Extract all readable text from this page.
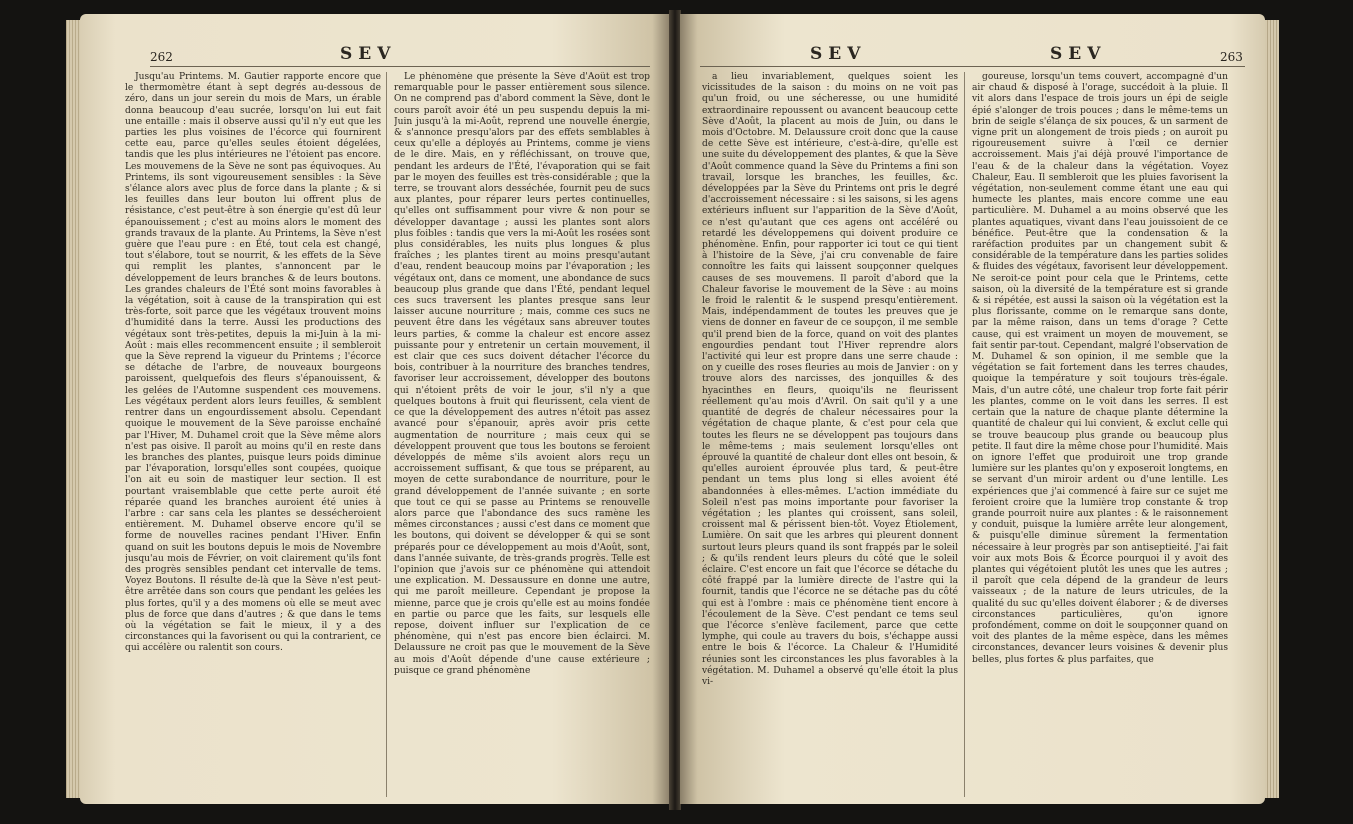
262	SEV

Jusqu'au Printems. M. Gautier rapporte encore que le thermomètre étant à sept degrés au-dessous de zéro, dans un jour serein du mois de Mars, un érable donna beaucoup d'eau sucrée, lorsqu'on lui eut fait une entaille : mais il observe aussi qu'il n'y eut que les parties les plus voisines de l'écorce qui fournirent cette eau, parce qu'elles seules étoient dégelées, tandis que les plus intérieures ne l'étoient pas encore. Les mouvemens de la Sève ne sont pas équivoques. Au Printems, ils sont vigoureusement sensibles : la Sève s'élance alors avec plus de force dans la plante ; & si les feuilles dans leur bouton lui offrent plus de résistance, c'est peut-être à son énergie qu'est dû leur épanouissement ; c'est au moins alors le moment des grands travaux de la plante. Au Printems, la Sève n'est guère que l'eau pure : en Été, tout cela est changé, tout s'élabore, tout se nourrit, & les effets de la Sève qui remplit les plantes, s'annoncent par le développement de leurs branches & de leurs boutons. Les grandes chaleurs de l'Été sont moins favorables à la végétation, soit à cause de la transpiration qui est très-forte, soit parce que les végétaux trouvent moins d'humidité dans la terre. Aussi les productions des végétaux sont très-petites, depuis la mi-Juin à la mi-Août : mais elles recommencent ensuite ; il sembleroit que la Sève reprend la vigueur du Printems ; l'écorce se détache de l'arbre, de nouveaux bourgeons paroissent, quelquefois des fleurs s'épanouissent, & les gelées de l'Automne suspendent ces mouvemens. Les végétaux perdent alors leurs feuilles, & semblent rentrer dans un engourdissement absolu. Cependant quoique le mouvement de la Sève paroisse enchaîné par l'Hiver, M. Duhamel croit que la Sève même alors n'est pas oisive. Il paroît au moins qu'il en reste dans les branches des plantes, puisque leurs poids diminue par l'évaporation, lorsqu'elles sont coupées, quoique l'on ait eu soin de mastiquer leur section. Il est pourtant vraisemblable que cette perte auroit été réparée quand les branches auroient été unies à l'arbre : car sans cela les plantes se dessécheroient entièrement. M. Duhamel observe encore qu'il se forme de nouvelles racines pendant l'Hiver. Enfin quand on suit les boutons depuis le mois de Novembre jusqu'au mois de Février, on voit clairement qu'ils font des progrès sensibles pendant cet intervalle de tems. Voyez Boutons. Il résulte de-là que la Sève n'est peut-être arrêtée dans son cours que pendant les gelées les plus fortes, qu'il y a des momens où elle se meut avec plus de force que dans d'autres ; & que dans le tems où la végétation se fait le mieux, il y a des circonstances qui la favorisent ou qui la contrarient, ce qui accélère ou ralentit son cours.

Le phénomène que présente la Sève d'Août est trop remarquable pour le passer entièrement sous silence. On ne comprend pas d'abord comment la Sève, dont le cours paroît avoir été un peu suspendu depuis la mi-Juin jusqu'à la mi-Août, reprend une nouvelle énergie, & s'annonce presqu'alors par des effets semblables à ceux qu'elle a déployés au Printems, comme je viens de le dire. Mais, en y réfléchissant, on trouve que, pendant les ardeurs de l'Été, l'évaporation qui se fait par le moyen des feuilles est très-considérable ; que la terre, se trouvant alors desséchée, fournit peu de sucs aux plantes, pour réparer leurs pertes continuelles, qu'elles ont suffisamment pour vivre & non pour se développer davantage ; aussi les plantes sont alors plus foibles : tandis que vers la mi-Août les rosées sont plus considérables, les nuits plus longues & plus fraîches ; les plantes tirent au moins presqu'autant d'eau, rendent beaucoup moins par l'évaporation ; les végétaux ont, dans ce moment, une abondance de sucs beaucoup plus grande que dans l'Été, pendant lequel ces sucs traversent les plantes presque sans leur laisser aucune nourriture ; mais, comme ces sucs ne peuvent être dans les végétaux sans abreuver toutes leurs parties, & comme la chaleur est encore assez puissante pour y entretenir un certain mouvement, il est clair que ces sucs doivent détacher l'écorce du bois, contribuer à la nourriture des branches tendres, favoriser leur accroissement, développer des boutons qui n'étoient prêts de voir le jour, s'il n'y a que quelques boutons à fruit qui fleurissent, cela vient de ce que la développement des autres n'étoit pas assez avancé pour s'épanouir, après avoir pris cette augmentation de nourriture ; mais ceux qui se développent prouvent que tous les boutons se feroient développés de même s'ils avoient alors reçu un accroissement suffisant, & que tous se préparent, au moyen de cette surabondance de nourriture, pour le grand développement de l'année suivante ; en sorte que tout ce qui se passe au Printems se renouvelle alors parce que l'abondance des sucs ramène les mêmes circonstances ; aussi c'est dans ce moment que les boutons, qui doivent se développer & qui se sont préparés pour ce développement au mois d'Août, sont, dans l'année suivante, de très-grands progrès. Telle est l'opinion que j'avois sur ce phénomène qui attendoit une explication. M. Dessaussure en donne une autre, qui me paroît meilleure. Cependant je propose la mienne, parce que je crois qu'elle est au moins fondée en partie ou parce que les faits, sur lesquels elle repose, doivent influer sur l'explication de ce phénomène, qui n'est pas encore bien éclairci. M. Delaussure ne croit pas que le mouvement de la Sève au mois d'Août dépende d'une cause extérieure ; puisque ce grand phénomène

SEV	SEV	263

a lieu invariablement, quelques soient les vicissitudes de la saison : du moins on ne voit pas qu'un froid, ou une sécheresse, ou une humidité extraordinaire repoussent ou avancent beaucoup cette Sève d'Août, la placent au mois de Juin, ou dans le mois d'Octobre. M. Delaussure croit donc que la cause de cette Sève est intérieure, c'est-à-dire, qu'elle est une suite du développement des plantes, & que la Sève d'Août commence quand la Sève du Printems a fini son travail, lorsque les branches, les feuilles, &c. développées par la Sève du Printems ont pris le degré d'accroissement nécessaire : si les saisons, si les agens extérieurs influent sur l'apparition de la Sève d'Août, ce n'est qu'autant que ces agens ont accéléré ou retardé les développemens qui doivent produire ce phénomène. Enfin, pour rapporter ici tout ce qui tient à l'histoire de la Sève, j'ai cru convenable de faire connoître les faits qui laissent soupçonner quelques causes de ses mouvemens. Il paroît d'abord que la Chaleur favorise le mouvement de la Sève : au moins le froid le ralentit & le suspend presqu'entièrement. Mais, indépendamment de toutes les preuves que je viens de donner en faveur de ce soupçon, il me semble qu'il prend bien de la force, quand on voit des plantes engourdies pendant tout l'Hiver reprendre alors l'activité qui leur est propre dans une serre chaude : on y cueille des roses fleuries au mois de Janvier : on y trouve alors des narcisses, des jonquilles & des hyacinthes en fleurs, quoiqu'ils ne fleurissent réellement qu'au mois d'Avril. On sait qu'il y a une quantité de degrés de chaleur nécessaires pour la végétation de chaque plante, & c'est pour cela que toutes les fleurs ne se développent pas toujours dans le même-tems ; mais seulement lorsqu'elles ont éprouvé la quantité de chaleur dont elles ont besoin, & qu'elles auroient éprouvée plus tard, & peut-être pendant un tems plus long si elles avoient été abandonnées à elles-mêmes. L'action immédiate du Soleil n'est pas moins importante pour favoriser la végétation ; les plantes qui croissent, sans soleil, croissent mal & périssent bien-tôt. Voyez Étiolement, Lumière. On sait que les arbres qui pleurent donnent surtout leurs pleurs quand ils sont frappés par le soleil ; & qu'ils rendent leurs pleurs du côté que le soleil éclaire. C'est encore un fait que l'écorce se détache du côté frappé par la lumière directe de l'astre qui la fournit, tandis que l'écorce ne se détache pas du côté qui est à l'ombre : mais ce phénomène tient encore à l'écoulement de la Sève. C'est pendant ce tems seul que l'écorce s'enlève facilement, parce que cette lymphe, qui coule au travers du bois, s'échappe aussi entre le bois & l'écorce. La Chaleur & l'Humidité réunies sont les circonstances les plus favorables à la végétation. M. Duhamel a observé qu'elle étoit la plus vi-

goureuse, lorsqu'un tems couvert, accompagné d'un air chaud & disposé à l'orage, succédoit à la pluie. Il vit alors dans l'espace de trois jours un épi de seigle épié s'alonger de trois pouces ; dans le même-tems un brin de seigle s'élança de six pouces, & un sarment de vigne prit un alongement de trois pieds ; on auroit pu rigoureusement suivre à l'œil ce dernier accroissement. Mais j'ai déjà prouvé l'importance de l'eau & de la chaleur dans la végétation. Voyez Chaleur, Eau. Il sembleroit que les pluies favorisent la végétation, non-seulement comme étant une eau qui humecte les plantes, mais encore comme une eau particulière. M. Duhamel a au moins observé que les plantes aquatiques, vivant dans l'eau jouissoient de ce bénéfice. Peut-être que la condensation & la raréfaction produites par un changement subit & considérable de la température dans les parties solides & fluides des végétaux, favorisent leur développement. Ne seroit-ce point pour cela que le Printems, cette saison, où la diversité de la température est si grande & si répétée, est aussi la saison où la végétation est la plus florissante, comme on le remarque sans donte, par la même raison, dans un tems d'orage ? Cette cause, qui est vraiment un moyen de mouvement, se fait sentir par-tout. Cependant, malgré l'observation de M. Duhamel & son opinion, il me semble que la végétation se fait fortement dans les terres chaudes, quoique la température y soit toujours très-égale. Mais, d'un autre côté, une chaleur trop forte fait périr les plantes, comme on le voit dans les serres. Il est certain que la nature de chaque plante détermine la quantité de chaleur qui lui convient, & exclut celle qui se trouve beaucoup plus grande ou beaucoup plus petite. Il faut dire la même chose pour l'humidité. Mais on ignore l'effet que produiroit une trop grande lumière sur les plantes qu'on y exposeroit longtems, en se servant d'un miroir ardent ou d'une lentille. Les expériences que j'ai commencé à faire sur ce sujet me feroient croire que la lumière trop constante & trop grande pourroit nuire aux plantes : & le raisonnement y conduit, puisque la lumière arrête leur alongement, & puisqu'elle diminue sûrement la fermentation nécessaire à leur progrès par son antiseptieité. J'ai fait voir aux mots Bois & Écorce pourquoi il y avoit des plantes qui végétoient plutôt les unes que les autres ; il paroît que cela dépend de la grandeur de leurs vaisseaux ; de la nature de leurs utricules, de la qualité du suc qu'elles doivent élaborer ; & de diverses circonstances particulières, qu'on ignore profondément, comme on doit le soupçonner quand on voit des plantes de la même espèce, dans les mêmes circonstances, devancer leurs voisines & devenir plus belles, plus fortes & plus parfaites, que
